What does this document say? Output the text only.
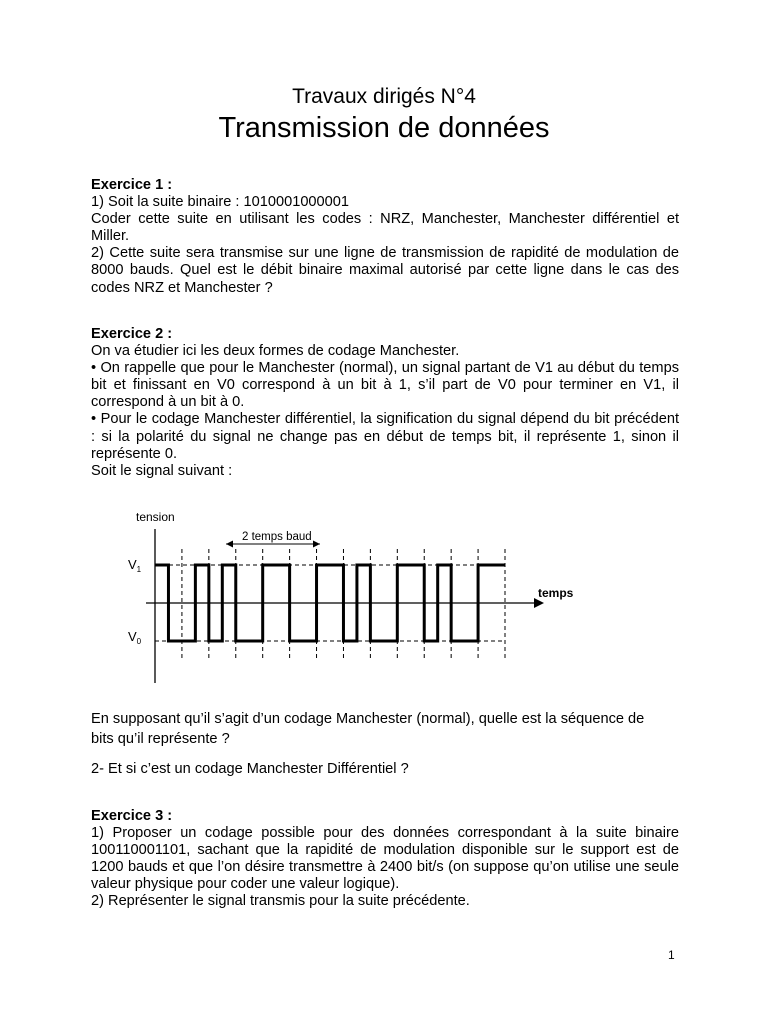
Travaux dirigés N°4
Transmission de données

Exercice 1 :

1) Soit la suite binaire : 1010001000001

Coder cette suite en utilisant les codes : NRZ, Manchester, Manchester différentiel et Miller.

2) Cette suite sera transmise sur une ligne de transmission de rapidité de modulation de 8000 bauds. Quel est le débit binaire maximal autorisé par cette ligne dans le cas des codes NRZ et Manchester ?

Exercice 2 :

On va étudier ici les deux formes de codage Manchester.

• On rappelle que pour le Manchester (normal), un signal partant de V1 au début du temps bit et finissant en V0 correspond à un bit à 1, s’il part de V0 pour terminer en V1, il correspond à un bit à 0.

• Pour le codage Manchester différentiel, la signification du signal dépend du bit précédent : si la polarité du signal ne change pas en début de temps bit, il représente 1, sinon il représente 0.

Soit le signal suivant :

tension
temps
$V_1$
$V_0$
2 temps baud
En supposant qu’il s’agit d’un codage Manchester (normal), quelle est la séquence de bits qu’il représente ?
2- Et si c’est un codage Manchester Différentiel ?

Exercice 3 :

1) Proposer un codage possible pour des données correspondant à la suite binaire 100110001101, sachant que la rapidité de modulation disponible sur le support est de 1200 bauds et que l’on désire transmettre à 2400 bit/s (on suppose qu’on utilise une seule valeur physique pour coder une valeur logique).

2) Représenter le signal transmis pour la suite précédente.

1
